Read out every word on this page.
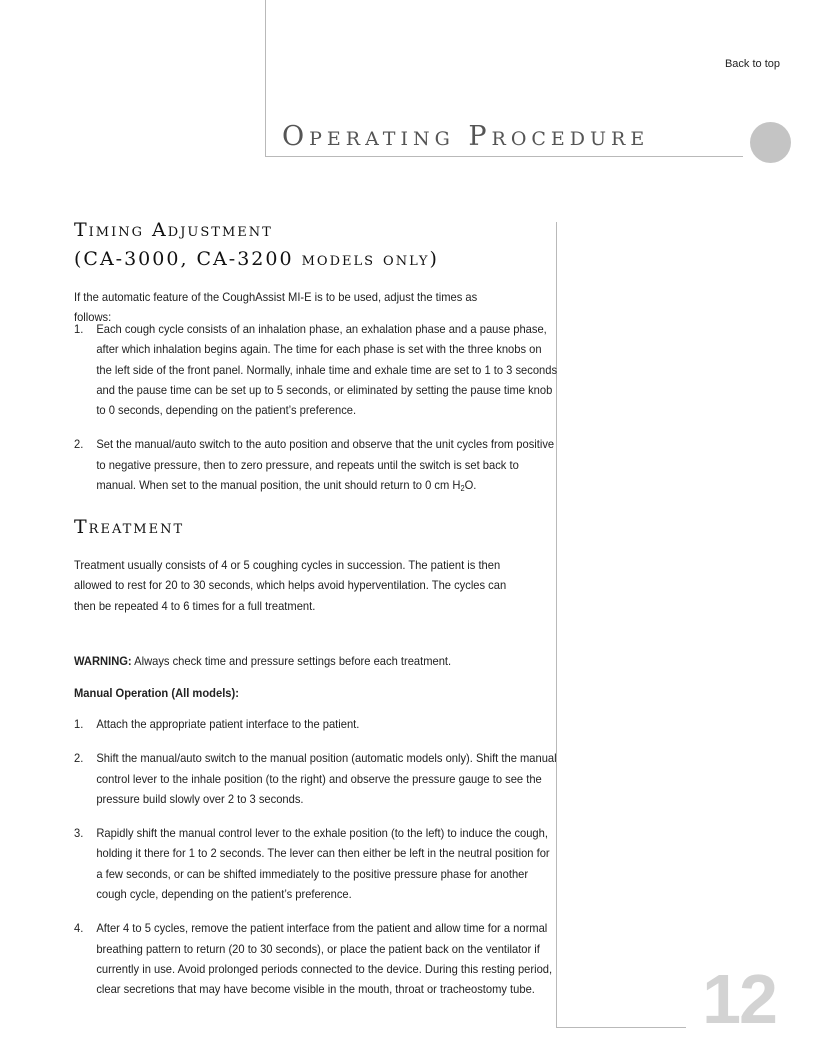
Back to top
Operating Procedure
Timing Adjustment
(CA-3000, CA-3200 models only)

If the automatic feature of the CoughAssist MI-E is to be used, adjust the times as follows:

1. Each cough cycle consists of an inhalation phase, an exhalation phase and a pause phase, after which inhalation begins again. The time for each phase is set with the three knobs on the left side of the front panel. Normally, inhale time and exhale time are set to 1 to 3 seconds and the pause time can be set up to 5 seconds, or eliminated by setting the pause time knob to 0 seconds, depending on the patient’s preference.
2. Set the manual/auto switch to the auto position and observe that the unit cycles from positive to negative pressure, then to zero pressure, and repeats until the switch is set back to manual. When set to the manual position, the unit should return to 0 cm $H_2O$.
Treatment

Treatment usually consists of 4 or 5 coughing cycles in succession. The patient is then allowed to rest for 20 to 30 seconds, which helps avoid hyperventilation. The cycles can then be repeated 4 to 6 times for a full treatment.

WARNING: Always check time and pressure settings before each treatment.

Manual Operation (All models):

1. Attach the appropriate patient interface to the patient.
2. Shift the manual/auto switch to the manual position (automatic models only). Shift the manual control lever to the inhale position (to the right) and observe the pressure gauge to see the pressure build slowly over 2 to 3 seconds.
3. Rapidly shift the manual control lever to the exhale position (to the left) to induce the cough, holding it there for 1 to 2 seconds. The lever can then either be left in the neutral position for a few seconds, or can be shifted immediately to the positive pressure phase for another cough cycle, depending on the patient’s preference.
4. After 4 to 5 cycles, remove the patient interface from the patient and allow time for a normal breathing pattern to return (20 to 30 seconds), or place the patient back on the ventilator if currently in use. Avoid prolonged periods connected to the device. During this resting period, clear secretions that may have become visible in the mouth, throat or tracheostomy tube.	12
